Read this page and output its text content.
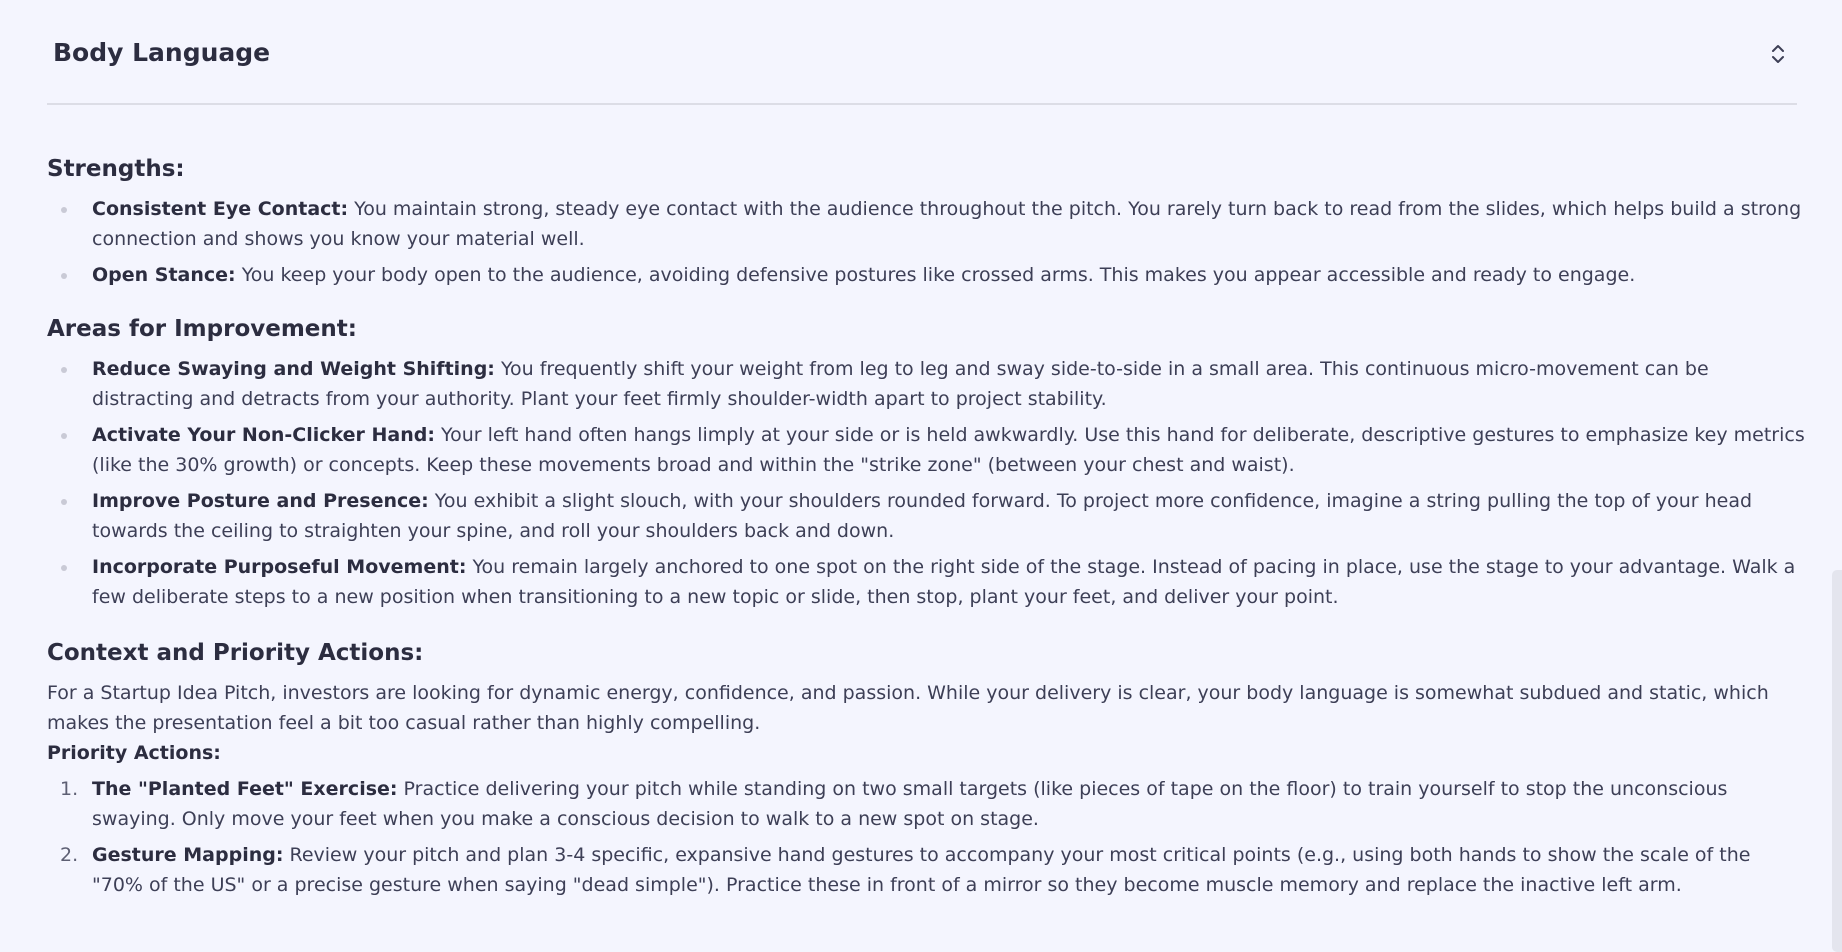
Body Language
Strengths:
Consistent Eye Contact: You maintain strong, steady eye contact with the audience throughout the pitch. You rarely turn back to read from the slides, which helps build a strong connection and shows you know your material well.
Open Stance: You keep your body open to the audience, avoiding defensive postures like crossed arms. This makes you appear accessible and ready to engage.
Areas for Improvement:
Reduce Swaying and Weight Shifting: You frequently shift your weight from leg to leg and sway side-to-side in a small area. This continuous micro-movement can be distracting and detracts from your authority. Plant your feet firmly shoulder-width apart to project stability.
Activate Your Non-Clicker Hand: Your left hand often hangs limply at your side or is held awkwardly. Use this hand for deliberate, descriptive gestures to emphasize key metrics (like the 30% growth) or concepts. Keep these movements broad and within the "strike zone" (between your chest and waist).
Improve Posture and Presence: You exhibit a slight slouch, with your shoulders rounded forward. To project more confidence, imagine a string pulling the top of your head towards the ceiling to straighten your spine, and roll your shoulders back and down.
Incorporate Purposeful Movement: You remain largely anchored to one spot on the right side of the stage. Instead of pacing in place, use the stage to your advantage. Walk a few deliberate steps to a new position when transitioning to a new topic or slide, then stop, plant your feet, and deliver your point.
Context and Priority Actions:

For a Startup Idea Pitch, investors are looking for dynamic energy, confidence, and passion. While your delivery is clear, your body language is somewhat subdued and static, which makes the presentation feel a bit too casual rather than highly compelling.

Priority Actions:

1. The "Planted Feet" Exercise: Practice delivering your pitch while standing on two small targets (like pieces of tape on the floor) to train yourself to stop the unconscious swaying. Only move your feet when you make a conscious decision to walk to a new spot on stage.
2. Gesture Mapping: Review your pitch and plan 3-4 specific, expansive hand gestures to accompany your most critical points (e.g., using both hands to show the scale of the "70% of the US" or a precise gesture when saying "dead simple"). Practice these in front of a mirror so they become muscle memory and replace the inactive left arm.
